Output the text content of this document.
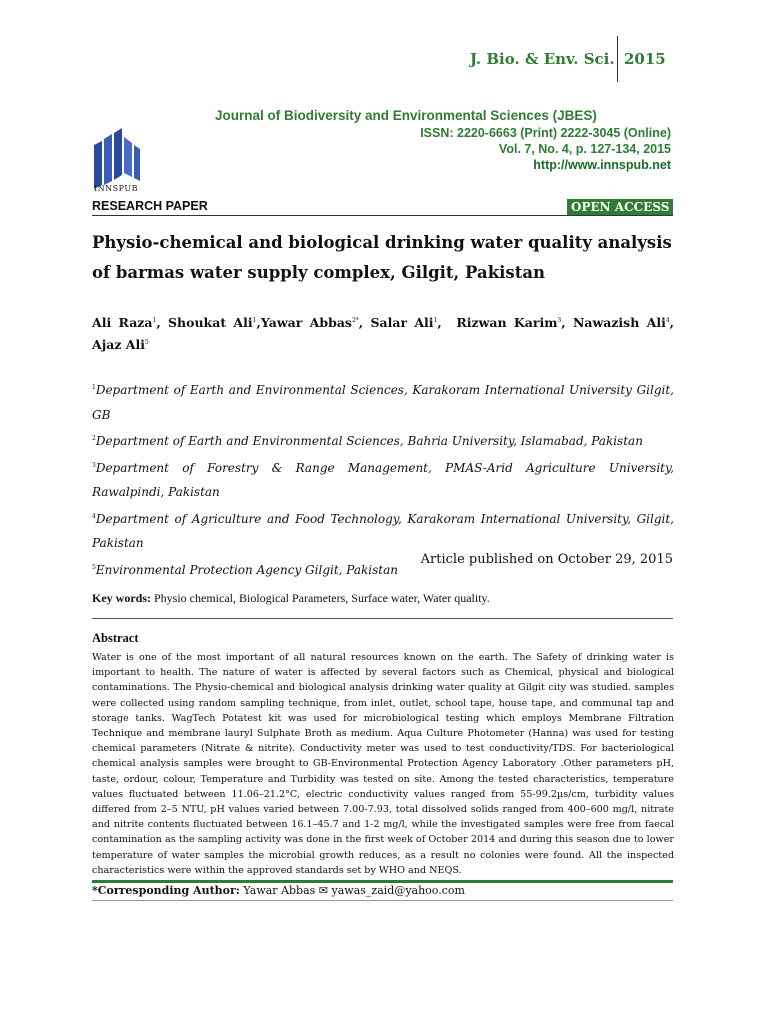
J. Bio. & Env. Sci. 2015
INNSPUB
Journal of Biodiversity and Environmental Sciences (JBES)
ISSN: 2220-6663 (Print) 2222-3045 (Online)
Vol. 7, No. 4, p. 127-134, 2015
http://www.innspub.net
RESEARCH PAPER	OPEN ACCESS
Physio-chemical and biological drinking water quality analysis of barmas water supply complex, Gilgit, Pakistan
Ali Raza$^1$, Shoukat Ali$^1$,Yawar Abbas$^{2*}$, Salar Ali$^1$,  Rizwan Karim$^3$, Nawazish Ali$^4$, Ajaz Ali$^5$
$^1$Department of Earth and Environmental Sciences, Karakoram International University Gilgit, GB
$^2$Department of Earth and Environmental Sciences, Bahria University, Islamabad, Pakistan
$^3$Department of Forestry & Range Management, PMAS-Arid Agriculture University, Rawalpindi, Pakistan
$^4$Department of Agriculture and Food Technology, Karakoram International University, Gilgit, Pakistan
$^5$Environmental Protection Agency Gilgit, Pakistan
Article published on October 29, 2015
Key words: Physio chemical, Biological Parameters, Surface water, Water quality.
Abstract
Water is one of the most important of all natural resources known on the earth. The Safety of drinking water is important to health. The nature of water is affected by several factors such as Chemical, physical and biological contaminations. The Physio-chemical and biological analysis drinking water quality at Gilgit city was studied. samples were collected using random sampling technique, from inlet, outlet, school tape, house tape, and communal tap and storage tanks. WagTech Potatest kit was used for microbiological testing which employs Membrane Filtration Technique and membrane lauryl Sulphate Broth as medium. Aqua Culture Photometer (Hanna) was used for testing chemical parameters (Nitrate & nitrite). Conductivity meter was used to test conductivity/TDS. For bacteriological chemical analysis samples were brought to GB-Environmental Protection Agency Laboratory .Other parameters pH, taste, ordour, colour, Temperature and Turbidity was tested on site. Among the tested characteristics, temperature values fluctuated between 11.06–21.2°C, electric conductivity values ranged from 55-99.2µs/cm, turbidity values differed from 2–5 NTU, pH values varied between 7.00-7.93, total dissolved solids ranged from 400–600 mg/l, nitrate and nitrite contents fluctuated between 16.1–45.7 and 1-2 mg/l, while the investigated samples were free from faecal contamination as the sampling activity was done in the first week of October 2014 and during this season due to lower temperature of water samples the microbial growth reduces, as a result no colonies were found. All the inspected characteristics were within the approved standards set by WHO and NEQS.
*Corresponding Author: Yawar Abbas ✉ yawas_zaid@yahoo.com
